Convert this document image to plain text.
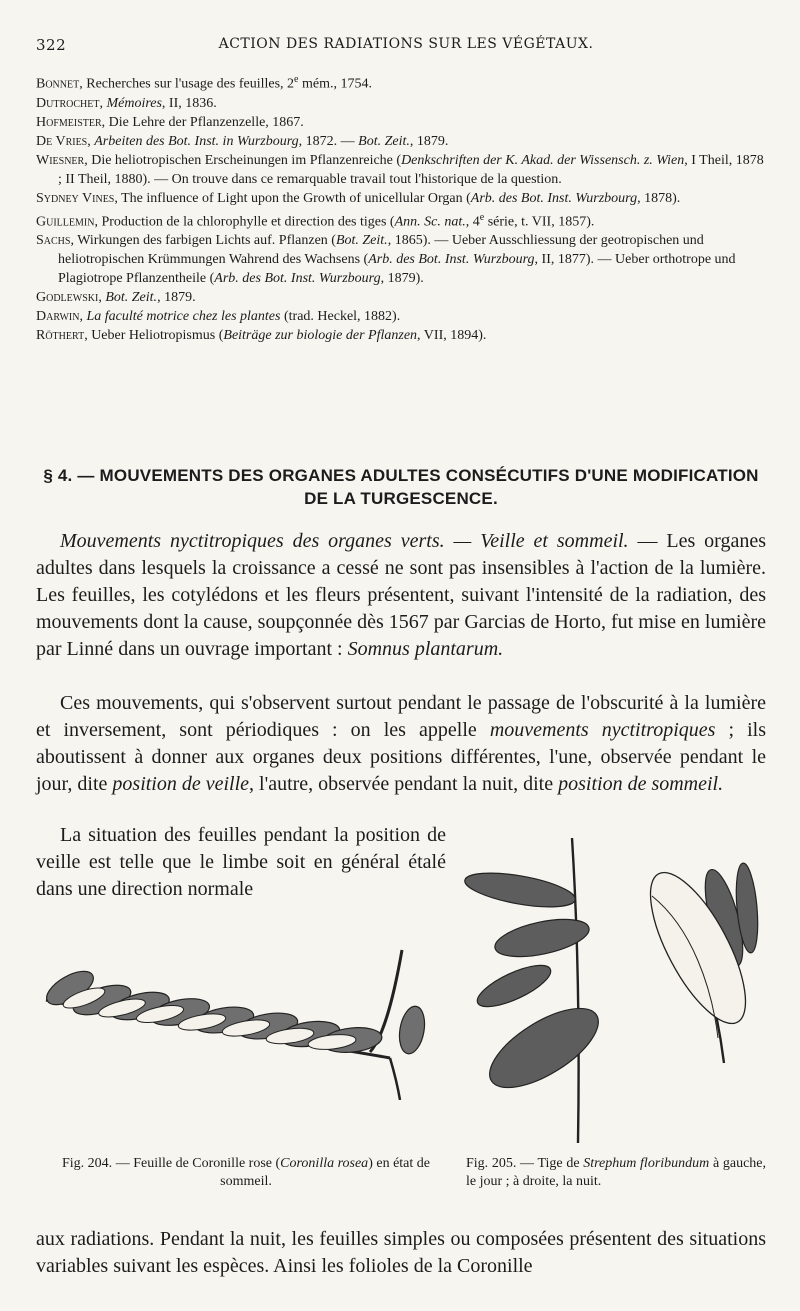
322	ACTION DES RADIATIONS SUR LES VÉGÉTAUX.

Bonnet, Recherches sur l'usage des feuilles, 2e mém., 1754.

Dutrochet, Mémoires, II, 1836.

Hofmeister, Die Lehre der Pflanzenzelle, 1867.

De Vries, Arbeiten des Bot. Inst. in Wurzbourg, 1872. — Bot. Zeit., 1879.

Wiesner, Die heliotropischen Erscheinungen im Pflanzenreiche (Denkschriften der K. Akad. der Wissensch. z. Wien, I Theil, 1878 ; II Theil, 1880). — On trouve dans ce remarquable travail tout l'historique de la question.

Sydney Vines, The influence of Light upon the Growth of unicellular Organ (Arb. des Bot. Inst. Wurzbourg, 1878).

Guillemin, Production de la chlorophylle et direction des tiges (Ann. Sc. nat., 4e série, t. VII, 1857).

Sachs, Wirkungen des farbigen Lichts auf. Pflanzen (Bot. Zeit., 1865). — Ueber Ausschliessung der geotropischen und heliotropischen Krümmungen Wahrend des Wachsens (Arb. des Bot. Inst. Wurzbourg, II, 1877). — Ueber orthotrope und Plagiotrope Pflanzentheile (Arb. des Bot. Inst. Wurzbourg, 1879).

Godlewski, Bot. Zeit., 1879.

Darwin, La faculté motrice chez les plantes (trad. Heckel, 1882).

Röthert, Ueber Heliotropismus (Beiträge zur biologie der Pflanzen, VII, 1894).

§ 4. — MOUVEMENTS DES ORGANES ADULTES CONSÉCUTIFS D'UNE MODIFICATION DE LA TURGESCENCE.

Mouvements nyctitropiques des organes verts. — Veille et sommeil. — Les organes adultes dans lesquels la croissance a cessé ne sont pas insensibles à l'action de la lumière. Les feuilles, les cotylédons et les fleurs présentent, suivant l'intensité de la radiation, des mouvements dont la cause, soupçonnée dès 1567 par Garcias de Horto, fut mise en lumière par Linné dans un ouvrage important : Somnus plantarum.

Ces mouvements, qui s'observent surtout pendant le passage de l'obscurité à la lumière et inversement, sont périodiques : on les appelle mouvements nyctitropiques ; ils aboutissent à donner aux organes deux positions différentes, l'une, observée pendant le jour, dite position de veille, l'autre, observée pendant la nuit, dite position de sommeil.

La situation des feuilles pendant la position de veille est telle que le limbe soit en général étalé dans une direction normale

Fig. 204. — Feuille de Coronille rose (Coronilla rosea) en état de sommeil.
Fig. 205. — Tige de Strephum floribundum à gauche, le jour ; à droite, la nuit.

aux radiations. Pendant la nuit, les feuilles simples ou composées présentent des situations variables suivant les espèces. Ainsi les folioles de la Coronille
